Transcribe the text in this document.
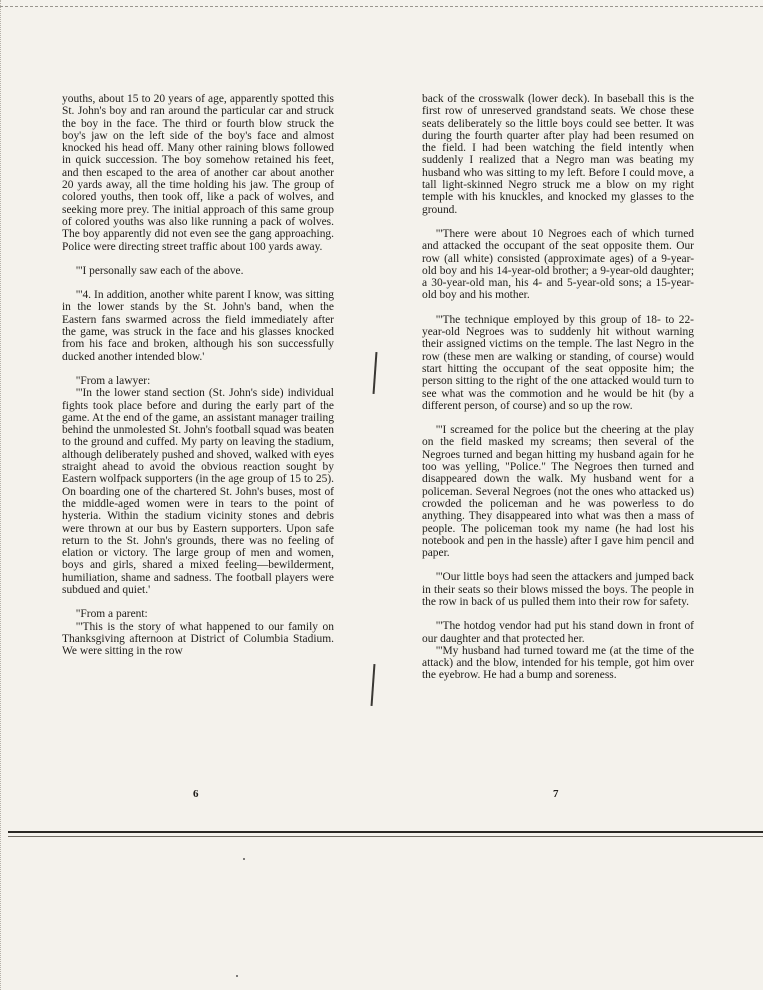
youths, about 15 to 20 years of age, apparently spotted this St. John's boy and ran around the particular car and struck the boy in the face. The third or fourth blow struck the boy's jaw on the left side of the boy's face and almost knocked his head off. Many other raining blows followed in quick succession. The boy somehow retained his feet, and then escaped to the area of another car about another 20 yards away, all the time holding his jaw. The group of colored youths, then took off, like a pack of wolves, and seeking more prey. The initial approach of this same group of colored youths was also like running a pack of wolves. The boy apparently did not even see the gang approaching. Police were directing street traffic about 100 yards away.

"'I personally saw each of the above.

"'4. In addition, another white parent I know, was sitting in the lower stands by the St. John's band, when the Eastern fans swarmed across the field immediately after the game, was struck in the face and his glasses knocked from his face and broken, although his son successfully ducked another intended blow.'

"From a lawyer:

"'In the lower stand section (St. John's side) individual fights took place before and during the early part of the game. At the end of the game, an assistant manager trailing behind the unmolested St. John's football squad was beaten to the ground and cuffed. My party on leaving the stadium, although deliberately pushed and shoved, walked with eyes straight ahead to avoid the obvious reaction sought by Eastern wolfpack supporters (in the age group of 15 to 25). On boarding one of the chartered St. John's buses, most of the middle-aged women were in tears to the point of hysteria. Within the stadium vicinity stones and debris were thrown at our bus by Eastern supporters. Upon safe return to the St. John's grounds, there was no feeling of elation or victory. The large group of men and women, boys and girls, shared a mixed feeling—bewilderment, humiliation, shame and sadness. The football players were subdued and quiet.'

"From a parent:

"'This is the story of what happened to our family on Thanksgiving afternoon at District of Columbia Stadium. We were sitting in the row

back of the crosswalk (lower deck). In baseball this is the first row of unreserved grandstand seats. We chose these seats deliberately so the little boys could see better. It was during the fourth quarter after play had been resumed on the field. I had been watching the field intently when suddenly I realized that a Negro man was beating my husband who was sitting to my left. Before I could move, a tall light-skinned Negro struck me a blow on my right temple with his knuckles, and knocked my glasses to the ground.

"'There were about 10 Negroes each of which turned and attacked the occupant of the seat opposite them. Our row (all white) consisted (approximate ages) of a 9-year-old boy and his 14-year-old brother; a 9-year-old daughter; a 30-year-old man, his 4- and 5-year-old sons; a 15-year-old boy and his mother.

"'The technique employed by this group of 18- to 22-year-old Negroes was to suddenly hit without warning their assigned victims on the temple. The last Negro in the row (these men are walking or standing, of course) would start hitting the occupant of the seat opposite him; the person sitting to the right of the one attacked would turn to see what was the commotion and he would be hit (by a different person, of course) and so up the row.

"'I screamed for the police but the cheering at the play on the field masked my screams; then several of the Negroes turned and began hitting my husband again for he too was yelling, "Police." The Negroes then turned and disappeared down the walk. My husband went for a policeman. Several Negroes (not the ones who attacked us) crowded the policeman and he was powerless to do anything. They disappeared into what was then a mass of people. The policeman took my name (he had lost his notebook and pen in the hassle) after I gave him pencil and paper.

"'Our little boys had seen the attackers and jumped back in their seats so their blows missed the boys. The people in the row in back of us pulled them into their row for safety.

"'The hotdog vendor had put his stand down in front of our daughter and that protected her.

"'My husband had turned toward me (at the time of the attack) and the blow, intended for his temple, got him over the eyebrow. He had a bump and soreness.

6	7
